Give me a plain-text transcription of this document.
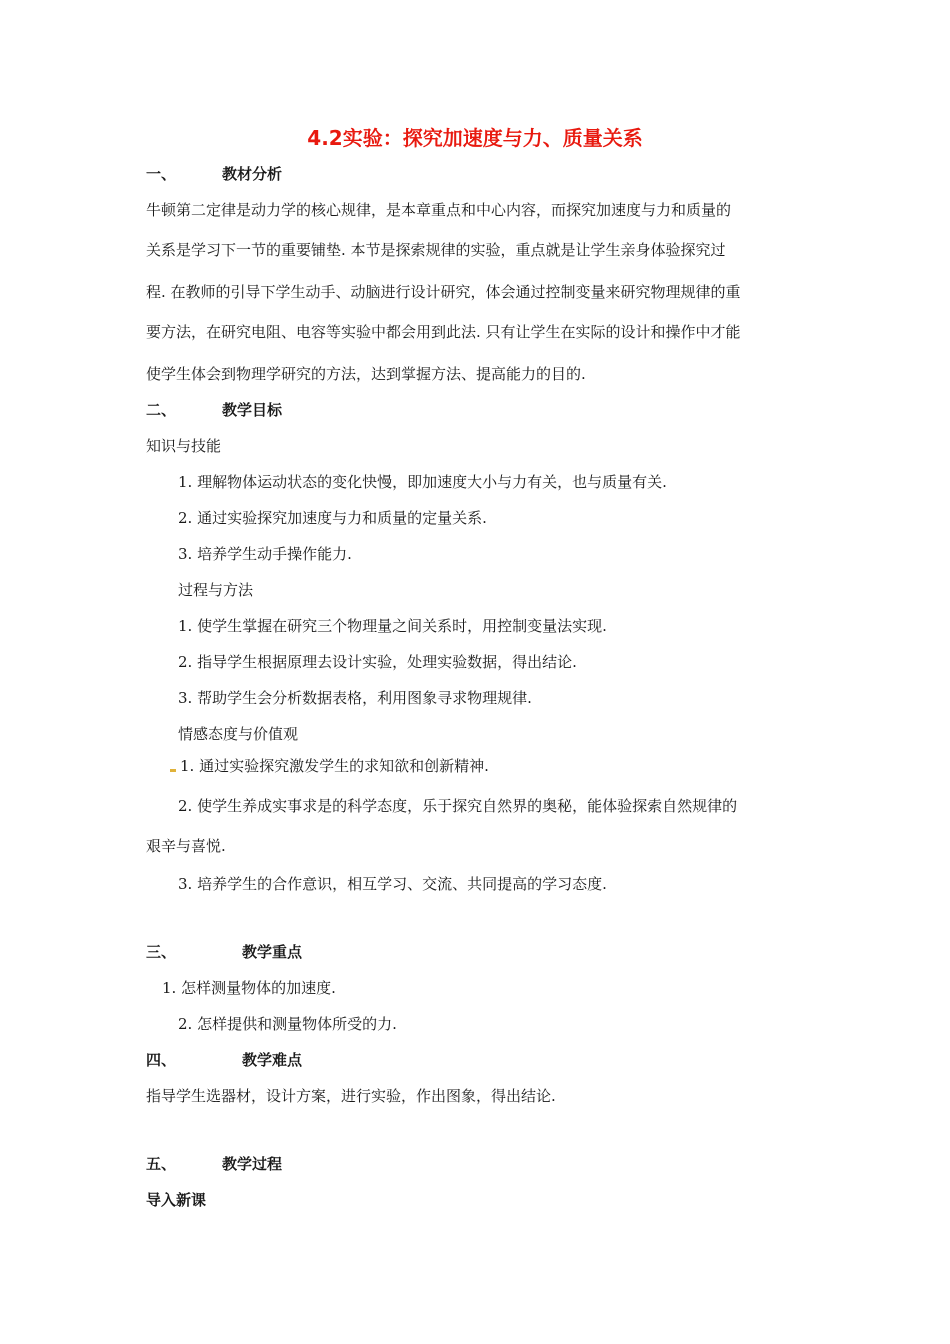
4.2实验：探究加速度与力、质量关系
一、	教材分析
牛顿第二定律是动力学的核心规律，是本章重点和中心内容，而探究加速度与力和质量的
关系是学习下一节的重要铺垫. 本节是探索规律的实验，重点就是让学生亲身体验探究过
程. 在教师的引导下学生动手、动脑进行设计研究，体会通过控制变量来研究物理规律的重
要方法，在研究电阻、电容等实验中都会用到此法. 只有让学生在实际的设计和操作中才能
使学生体会到物理学研究的方法，达到掌握方法、提高能力的目的.
二、	教学目标
知识与技能
1. 理解物体运动状态的变化快慢，即加速度大小与力有关，也与质量有关.
2. 通过实验探究加速度与力和质量的定量关系.
3. 培养学生动手操作能力.
过程与方法
1. 使学生掌握在研究三个物理量之间关系时，用控制变量法实现.
2. 指导学生根据原理去设计实验，处理实验数据，得出结论.
3. 帮助学生会分析数据表格，利用图象寻求物理规律.
情感态度与价值观
1. 通过实验探究激发学生的求知欲和创新精神.
2. 使学生养成实事求是的科学态度，乐于探究自然界的奥秘，能体验探索自然规律的
艰辛与喜悦.
3. 培养学生的合作意识，相互学习、交流、共同提高的学习态度.
三、	教学重点
1. 怎样测量物体的加速度.
2. 怎样提供和测量物体所受的力.
四、	教学难点
指导学生选器材，设计方案，进行实验，作出图象，得出结论.
五、	教学过程
导入新课
